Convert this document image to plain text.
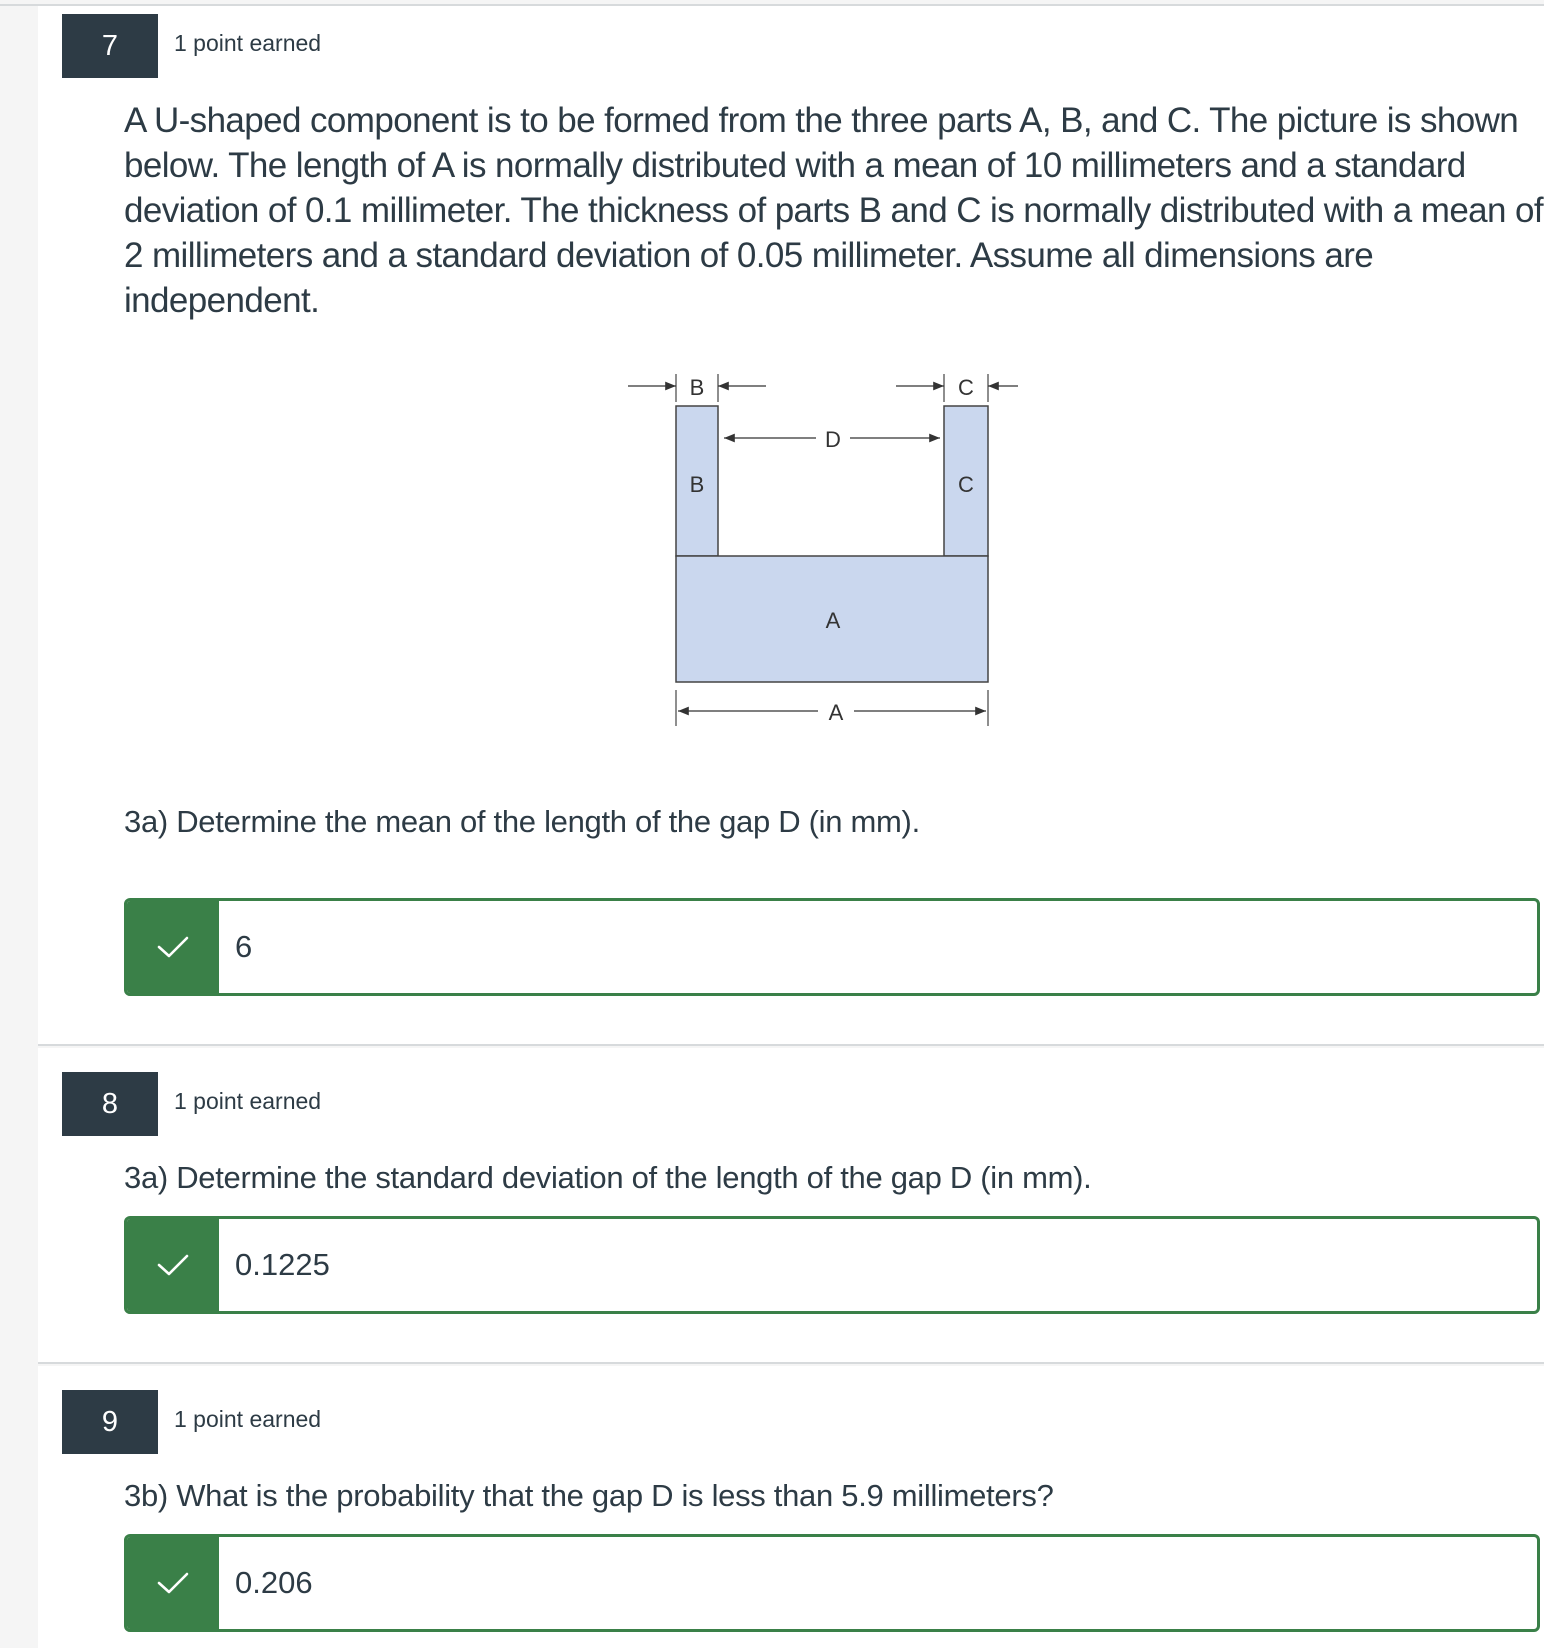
7	1 point earned

A U-shaped component is to be formed from the three parts A, B, and C. The picture is shown below. The length of A is normally distributed with a mean of 10 millimeters and a standard deviation of 0.1 millimeter. The thickness of parts B and C is normally distributed with a mean of 2 millimeters and a standard deviation of 0.05 millimeter. Assume all dimensions are independent.

B	C
D
B	C
A
A

3a) Determine the mean of the length of the gap D (in mm).

6
8	1 point earned

3a) Determine the standard deviation of the length of the gap D (in mm).

0.1225
9	1 point earned

3b) What is the probability that the gap D is less than 5.9 millimeters?

0.206
